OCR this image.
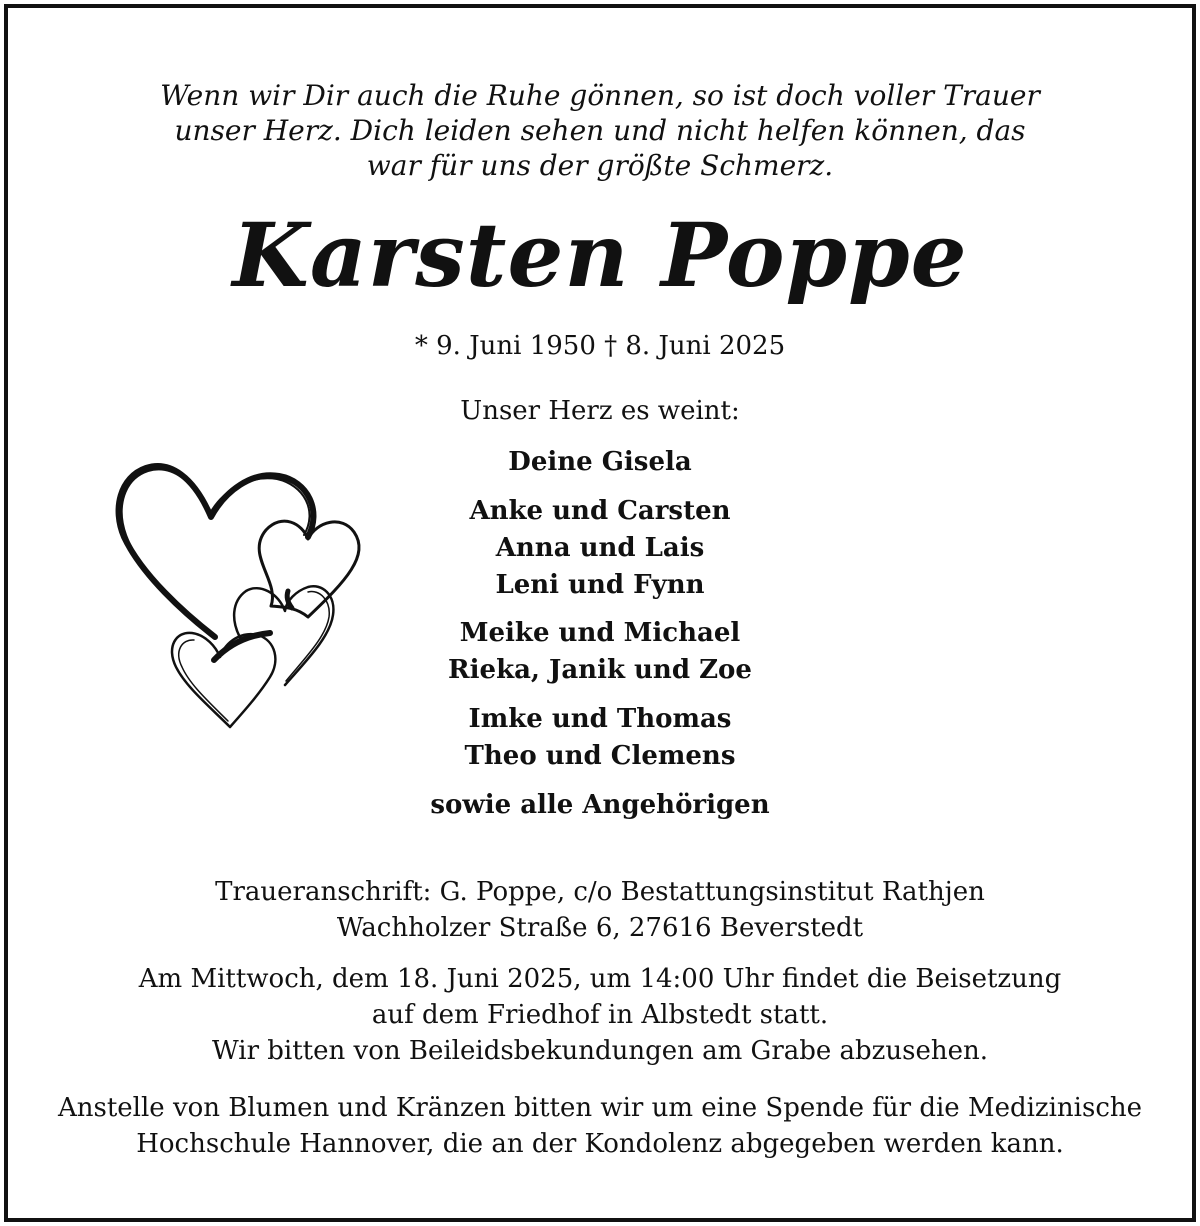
Wenn wir Dir auch die Ruhe gönnen, so ist doch voller Trauer
unser Herz. Dich leiden sehen und nicht helfen können, das
war für uns der größte Schmerz.
Karsten Poppe
* 9. Juni 1950 † 8. Juni 2025
Unser Herz es weint:
Deine Gisela
Anke und Carsten
Anna und Lais
Leni und Fynn
Meike und Michael
Rieka, Janik und Zoe
Imke und Thomas
Theo und Clemens
sowie alle Angehörigen
Traueranschrift: G. Poppe, c/o Bestattungsinstitut Rathjen
Wachholzer Straße 6, 27616 Beverstedt
Am Mittwoch, dem 18. Juni 2025, um 14:00 Uhr findet die Beisetzung
auf dem Friedhof in Albstedt statt.
Wir bitten von Beileidsbekundungen am Grabe abzusehen.
Anstelle von Blumen und Kränzen bitten wir um eine Spende für die Medizinische
Hochschule Hannover, die an der Kondolenz abgegeben werden kann.
